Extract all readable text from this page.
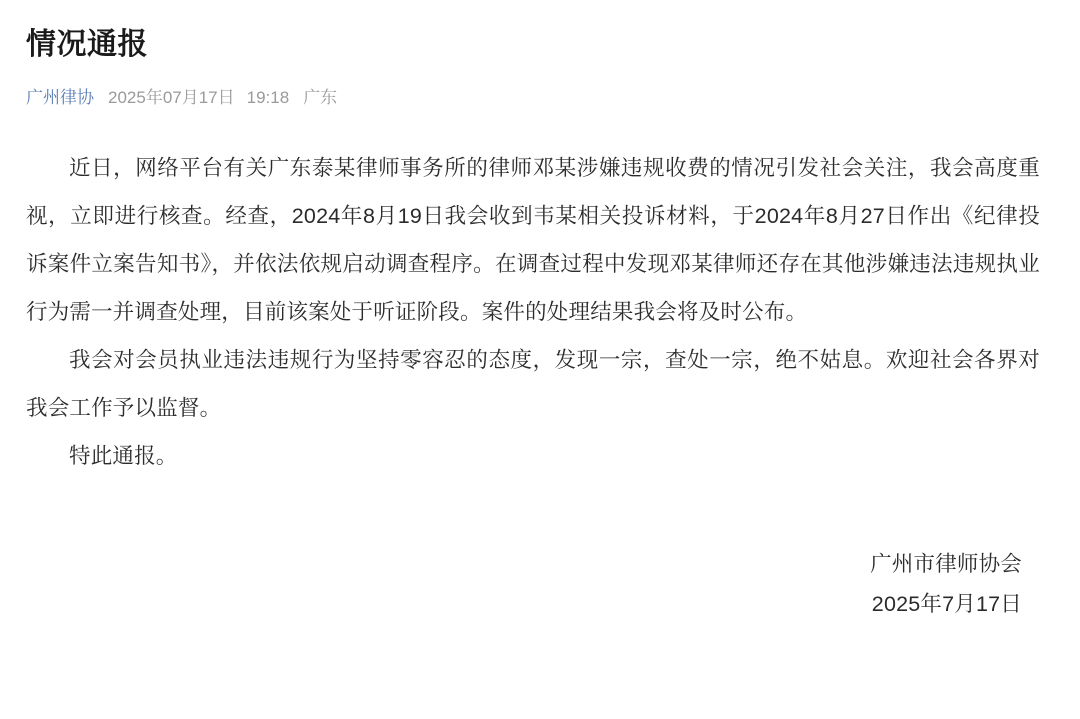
情况通报
广州律协 2025年07月17日 19:18 广东

近日，网络平台有关广东泰某律师事务所的律师邓某涉嫌违规收费的情况引发社会关注，我会高度重视，立即进行核查。经查，2024年8月19日我会收到韦某相关投诉材料，于2024年8月27日作出《纪律投诉案件立案告知书》，并依法依规启动调查程序。在调查过程中发现邓某律师还存在其他涉嫌违法违规执业行为需一并调查处理，目前该案处于听证阶段。案件的处理结果我会将及时公布。

我会对会员执业违法违规行为坚持零容忍的态度，发现一宗，查处一宗，绝不姑息。欢迎社会各界对我会工作予以监督。

特此通报。

广州市律师协会
2025年7月17日
